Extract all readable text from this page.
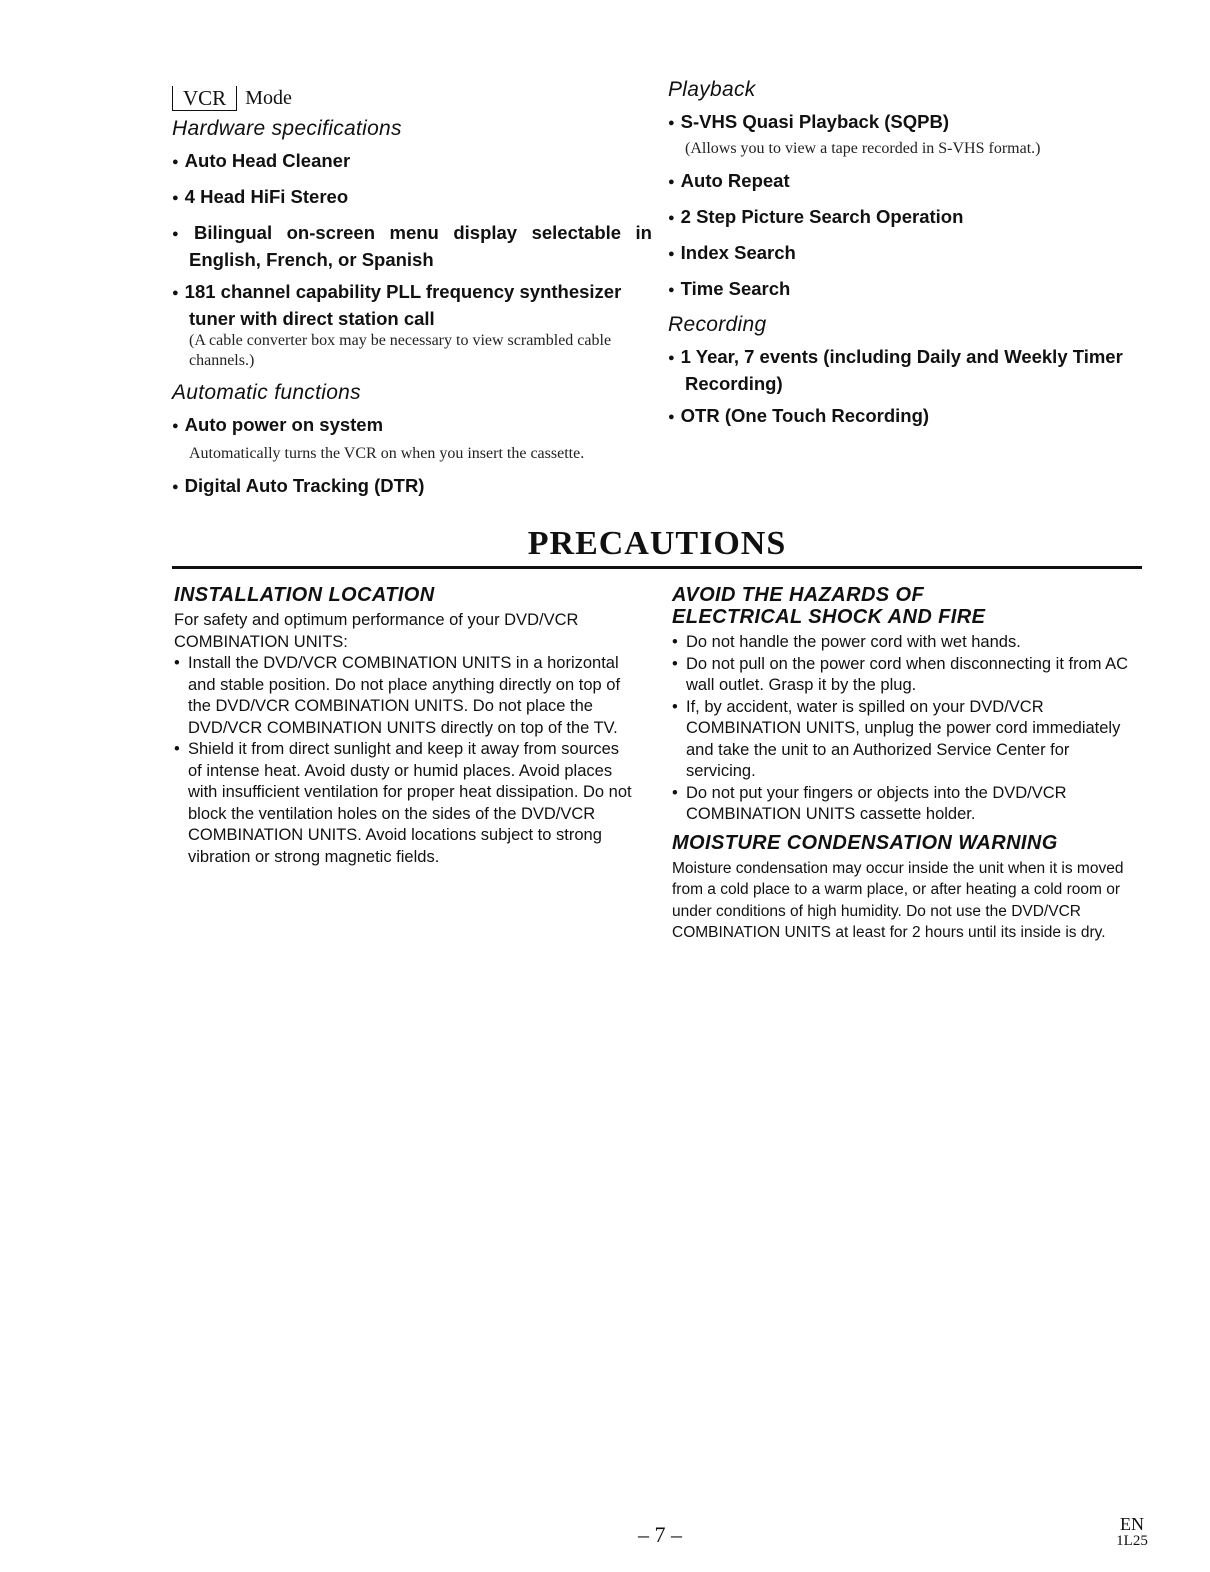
VCR Mode
Hardware specifications
● Auto Head Cleaner
● 4 Head HiFi Stereo
● Bilingual on-screen menu display selectable in English, French, or Spanish
● 181 channel capability PLL frequency synthesizer tuner with direct station call
(A cable converter box may be necessary to view scrambled cable channels.)
Automatic functions
● Auto power on system
Automatically turns the VCR on when you insert the cassette.
● Digital Auto Tracking (DTR)
Playback
● S-VHS Quasi Playback (SQPB)
(Allows you to view a tape recorded in S-VHS format.)
● Auto Repeat
● 2 Step Picture Search Operation
● Index Search
● Time Search
Recording
● 1 Year, 7 events (including Daily and Weekly Timer Recording)
● OTR (One Touch Recording)
PRECAUTIONS
INSTALLATION LOCATION

For safety and optimum performance of your DVD/VCR COMBINATION UNITS:

• Install the DVD/VCR COMBINATION UNITS in a horizontal and stable position. Do not place anything directly on top of the DVD/VCR COMBINATION UNITS. Do not place the DVD/VCR COMBINATION UNITS directly on top of the TV.
• Shield it from direct sunlight and keep it away from sources of intense heat. Avoid dusty or humid places. Avoid places with insufficient ventilation for proper heat dissipation. Do not block the ventilation holes on the sides of the DVD/VCR COMBINATION UNITS. Avoid locations subject to strong vibration or strong magnetic fields.
AVOID THE HAZARDS OF
ELECTRICAL SHOCK AND FIRE
• Do not handle the power cord with wet hands.
• Do not pull on the power cord when disconnecting it from AC wall outlet. Grasp it by the plug.
• If, by accident, water is spilled on your DVD/VCR COMBINATION UNITS, unplug the power cord immediately and take the unit to an Authorized Service Center for servicing.
• Do not put your fingers or objects into the DVD/VCR COMBINATION UNITS cassette holder.
MOISTURE CONDENSATION WARNING

Moisture condensation may occur inside the unit when it is moved from a cold place to a warm place, or after heating a cold room or under conditions of high humidity. Do not use the DVD/VCR COMBINATION UNITS at least for 2 hours until its inside is dry.

– 7 –	EN
1L25
